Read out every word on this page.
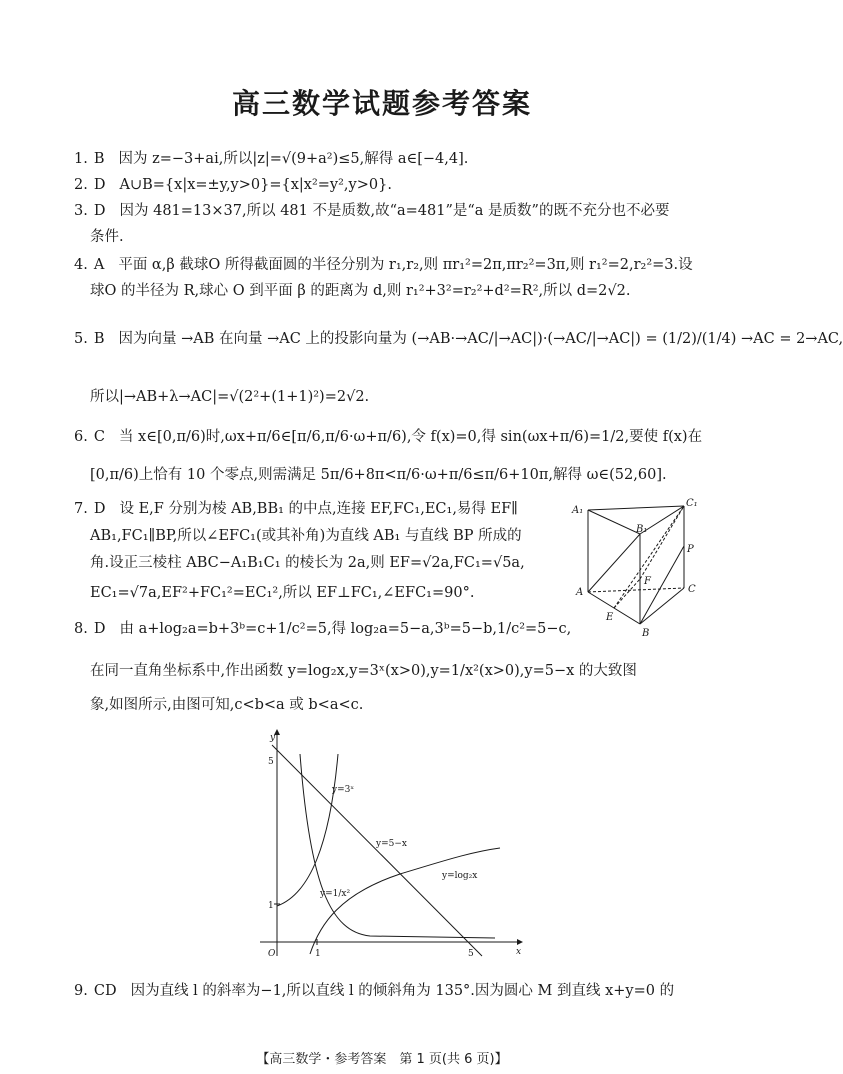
高三数学试题参考答案
1. B 因为 z=−3+ai,所以|z|=√(9+a²)≤5,解得 a∈[−4,4].
2. D A∪B={x|x=±y,y>0}={x|x²=y²,y>0}.
3. D 因为 481=13×37,所以 481 不是质数,故“a=481”是“a 是质数”的既不充分也不必要
条件.
4. A 平面 α,β 截球O 所得截面圆的半径分别为 r₁,r₂,则 πr₁²=2π,πr₂²=3π,则 r₁²=2,r₂²=3.设
球O 的半径为 R,球心 O 到平面 β 的距离为 d,则 r₁²+3²=r₂²+d²=R²,所以 d=2√2.
5. B 因为向量 →AB 在向量 →AC 上的投影向量为 (→AB·→AC/|→AC|)·(→AC/|→AC|) = (1/2)/(1/4) →AC = 2→AC,
所以|→AB+λ→AC|=√(2²+(1+1)²)=2√2.
6. C 当 x∈[0,π/6)时,ωx+π/6∈[π/6,π/6·ω+π/6),令 f(x)=0,得 sin(ωx+π/6)=1/2,要使 f(x)在
[0,π/6)上恰有 10 个零点,则需满足 5π/6+8π<π/6·ω+π/6≤π/6+10π,解得 ω∈(52,60].
7. D 设 E,F 分别为棱 AB,BB₁ 的中点,连接 EF,FC₁,EC₁,易得 EF∥
AB₁,FC₁∥BP,所以∠EFC₁(或其补角)为直线 AB₁ 与直线 BP 所成的
角.设正三棱柱 ABC−A₁B₁C₁ 的棱长为 2a,则 EF=√2a,FC₁=√5a,
EC₁=√7a,EF²+FC₁²=EC₁²,所以 EF⊥FC₁,∠EFC₁=90°.
A₁
C₁
B₁
P
F
A	C
E
B
8. D 由 a+log₂a=b+3ᵇ=c+1/c²=5,得 log₂a=5−a,3ᵇ=5−b,1/c²=5−c,
在同一直角坐标系中,作出函数 y=log₂x,y=3ˣ(x>0),y=1/x²(x>0),y=5−x 的大致图
象,如图所示,由图可知,c<b<a 或 b<a<c.
y
x
O
5
1
1	5
y=3ˣ
y=5−x
y=log₂x
y=1/x²
9. CD 因为直线 l 的斜率为−1,所以直线 l 的倾斜角为 135°.因为圆心 M 到直线 x+y=0 的
【高三数学・参考答案　第 1 页(共 6 页)】
